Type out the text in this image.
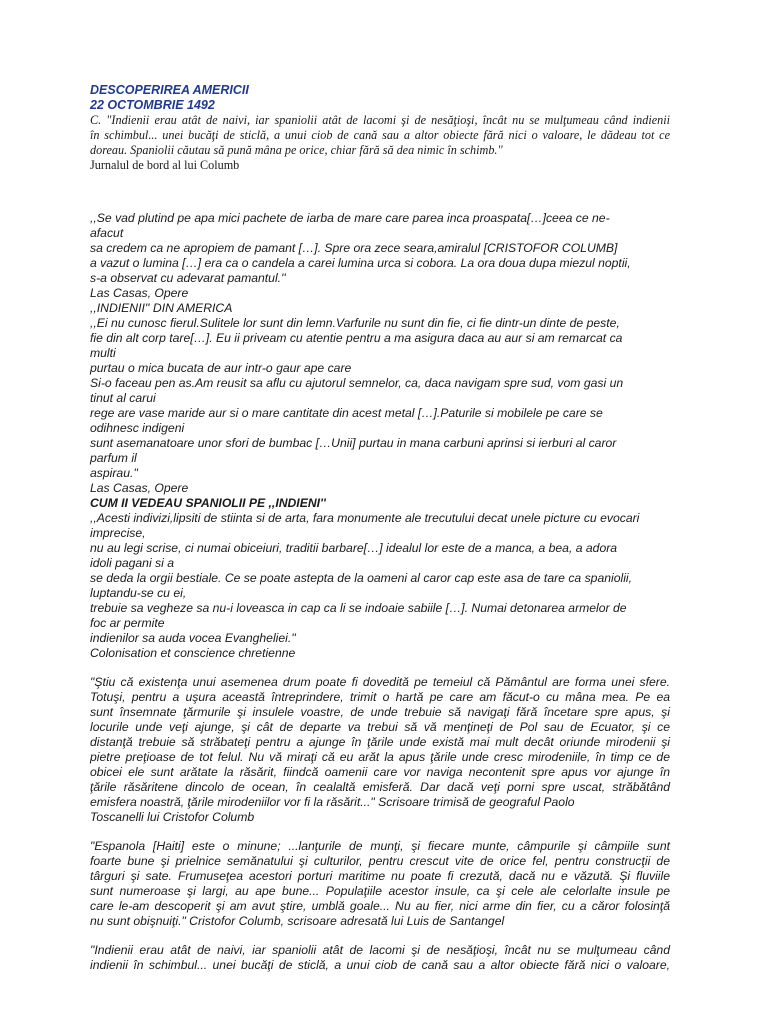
DESCOPERIREA AMERICII

22 OCTOMBRIE 1492

C. "Indienii erau atât de naivi, iar spaniolii atât de lacomi şi de nesăţioşi, încât nu se mulţumeau când indienii
în schimbul... unei bucăţi de sticlă, a unui ciob de cană sau a altor obiecte fără nici o valoare, le dădeau tot ce
doreau. Spaniolii căutau să pună mâna pe orice, chiar fără să dea nimic în schimb.''

Jurnalul de bord al lui Columb

,,Se vad plutind pe apa mici pachete de iarba de mare care parea inca proaspata[…]ceea ce ne-
afacut
sa credem ca ne apropiem de pamant […]. Spre ora zece seara,amiralul [CRISTOFOR COLUMB]
a vazut o lumina […] era ca o candela a carei lumina urca si cobora. La ora doua dupa miezul noptii,
s-a observat cu adevarat pamantul.''
Las Casas, Opere
,,INDIENII'' DIN AMERICA
,,Ei nu cunosc fierul.Sulitele lor sunt din lemn.Varfurile nu sunt din fie, ci fie dintr-un dinte de peste,
fie din alt corp tare[…]. Eu ii priveam cu atentie pentru a ma asigura daca au aur si am remarcat ca
multi
purtau o mica bucata de aur intr-o gaur ape care
Si-o faceau pen as.Am reusit sa aflu cu ajutorul semnelor, ca, daca navigam spre sud, vom gasi un
tinut al carui
rege are vase maride aur si o mare cantitate din acest metal […].Paturile si mobilele pe care se
odihnesc indigeni
sunt asemanatoare unor sfori de bumbac […Unii] purtau in mana carbuni aprinsi si ierburi al caror
parfum il
aspirau.''
Las Casas, Opere

CUM II VEDEAU SPANIOLII PE ,,INDIENI''

,,Acesti indivizi,lipsiti de stiinta si de arta, fara monumente ale trecutului decat unele picture cu evocari
imprecise,
nu au legi scrise, ci numai obiceiuri, traditii barbare[…] idealul lor este de a manca, a bea, a adora
idoli pagani si a
se deda la orgii bestiale. Ce se poate astepta de la oameni al caror cap este asa de tare ca spaniolii,
luptandu-se cu ei,
trebuie sa vegheze sa nu-i loveasca in cap ca li se indoaie sabiile […]. Numai detonarea armelor de
foc ar permite
indienilor sa auda vocea Evangheliei.''
Colonisation et conscience chretienne
"Ştiu că existenţa unui asemenea drum poate fi dovedită pe temeiul că Pământul are forma unei sfere.
Totuşi, pentru a uşura această întreprindere, trimit o hartă pe care am făcut-o cu mâna mea. Pe ea
sunt însemnate ţărmurile şi insulele voastre, de unde trebuie să navigaţi fără încetare spre apus, şi
locurile unde veţi ajunge, şi cât de departe va trebui să vă menţineţi de Pol sau de Ecuator, şi ce
distanţă trebuie să străbateţi pentru a ajunge în ţările unde există mai mult decât oriunde mirodenii şi
pietre preţioase de tot felul. Nu vă miraţi că eu arăt la apus ţările unde cresc mirodeniile, în timp ce de
obicei ele sunt arătate la răsărit, fiindcă oamenii care vor naviga necontenit spre apus vor ajunge în
ţările răsăritene dincolo de ocean, în cealaltă emisferă. Dar dacă veţi porni spre uscat, străbătând
emisfera noastră, ţările mirodeniilor vor fi la răsărit..." Scrisoare trimisă de geograful Paolo
Toscanelli lui Cristofor Columb
"Espanola [Haiti] este o minune; ...lanţurile de munţi, şi fiecare munte, câmpurile şi câmpiile sunt
foarte bune şi prielnice semănatului şi culturilor, pentru crescut vite de orice fel, pentru construcţii de
târguri şi sate. Frumuseţea acestori porturi maritime nu poate fi crezută, dacă nu e văzută. Şi fluviile
sunt numeroase şi largi, au ape bune... Populaţiile acestor insule, ca şi cele ale celorlalte insule pe
care le-am descoperit şi am avut ştire, umblă goale... Nu au fier, nici arme din fier, cu a căror folosinţă
nu sunt obişnuiţi." Cristofor Columb, scrisoare adresată lui Luis de Santangel
"Indienii erau atât de naivi, iar spaniolii atât de lacomi şi de nesăţioşi, încât nu se mulţumeau când
indienii în schimbul... unei bucăţi de sticlă, a unui ciob de cană sau a altor obiecte fără nici o valoare,
